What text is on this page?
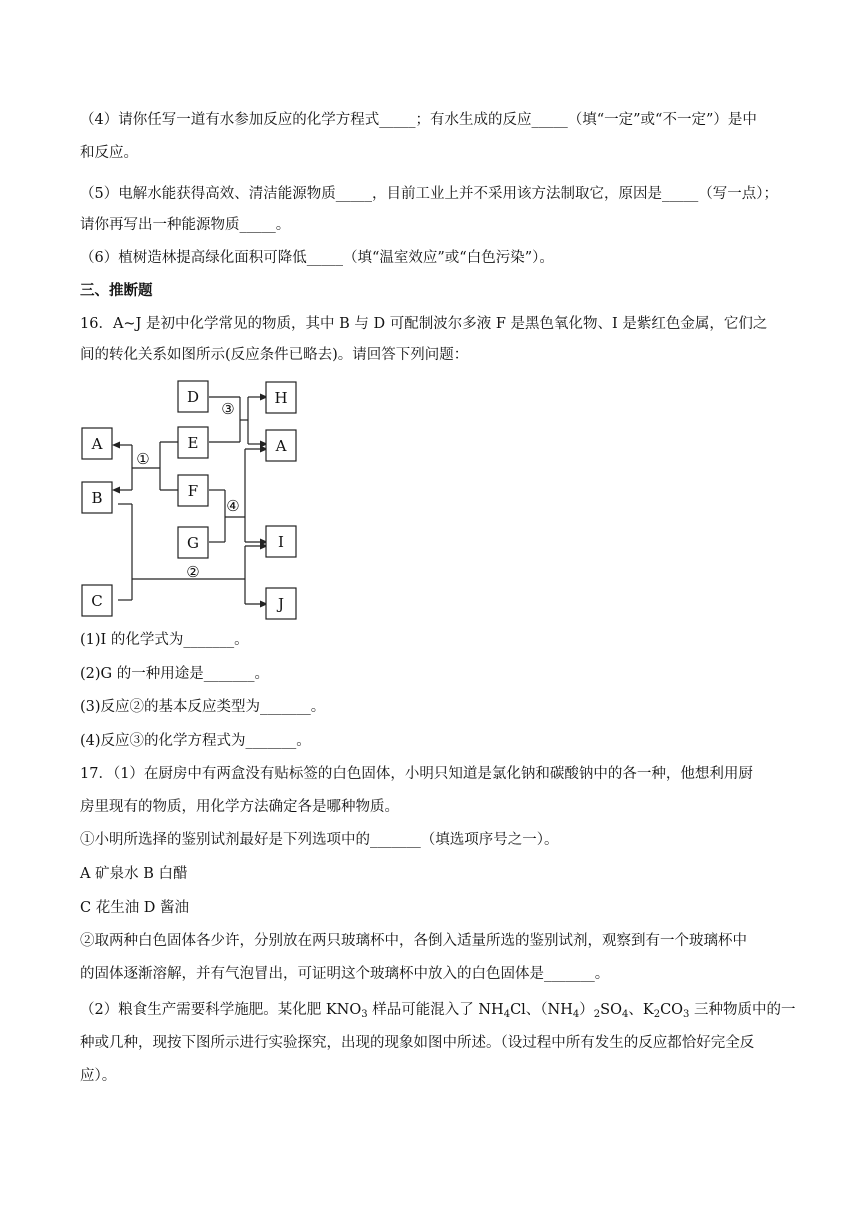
（4）请你任写一道有水参加反应的化学方程式_____；有水生成的反应_____（填“一定”或“不一定”）是中
和反应。
（5）电解水能获得高效、清洁能源物质_____，目前工业上并不采用该方法制取它，原因是_____（写一点）；
请你再写出一种能源物质_____。
（6）植树造林提高绿化面积可降低_____（填“温室效应”或“白色污染”）。
三、推断题
16．A~J 是初中化学常见的物质，其中 B 与 D 可配制波尔多液 F 是黑色氧化物、I 是紫红色金属，它们之
间的转化关系如图所示(反应条件已略去)。请回答下列问题：
D
E
F
G
A
B
C
H
A
I
J
①
②
③
④
(1)I 的化学式为_______。
(2)G 的一种用途是_______。
(3)反应②的基本反应类型为_______。
(4)反应③的化学方程式为_______。
17．（1）在厨房中有两盒没有贴标签的白色固体，小明只知道是氯化钠和碳酸钠中的各一种，他想利用厨
房里现有的物质，用化学方法确定各是哪种物质。
①小明所选择的鉴别试剂最好是下列选项中的_______（填选项序号之一）。
A 矿泉水 B 白醋
C 花生油 D 酱油
②取两种白色固体各少许，分别放在两只玻璃杯中，各倒入适量所选的鉴别试剂，观察到有一个玻璃杯中
的固体逐渐溶解，并有气泡冒出，可证明这个玻璃杯中放入的白色固体是_______。
（2）粮食生产需要科学施肥。某化肥 $KNO_3$ 样品可能混入了 $NH_4Cl$、$(NH_4)_2SO_4$、$K_2CO_3$ 三种物质中的一
种或几种，现按下图所示进行实验探究，出现的现象如图中所述。（设过程中所有发生的反应都恰好完全反
应）。
